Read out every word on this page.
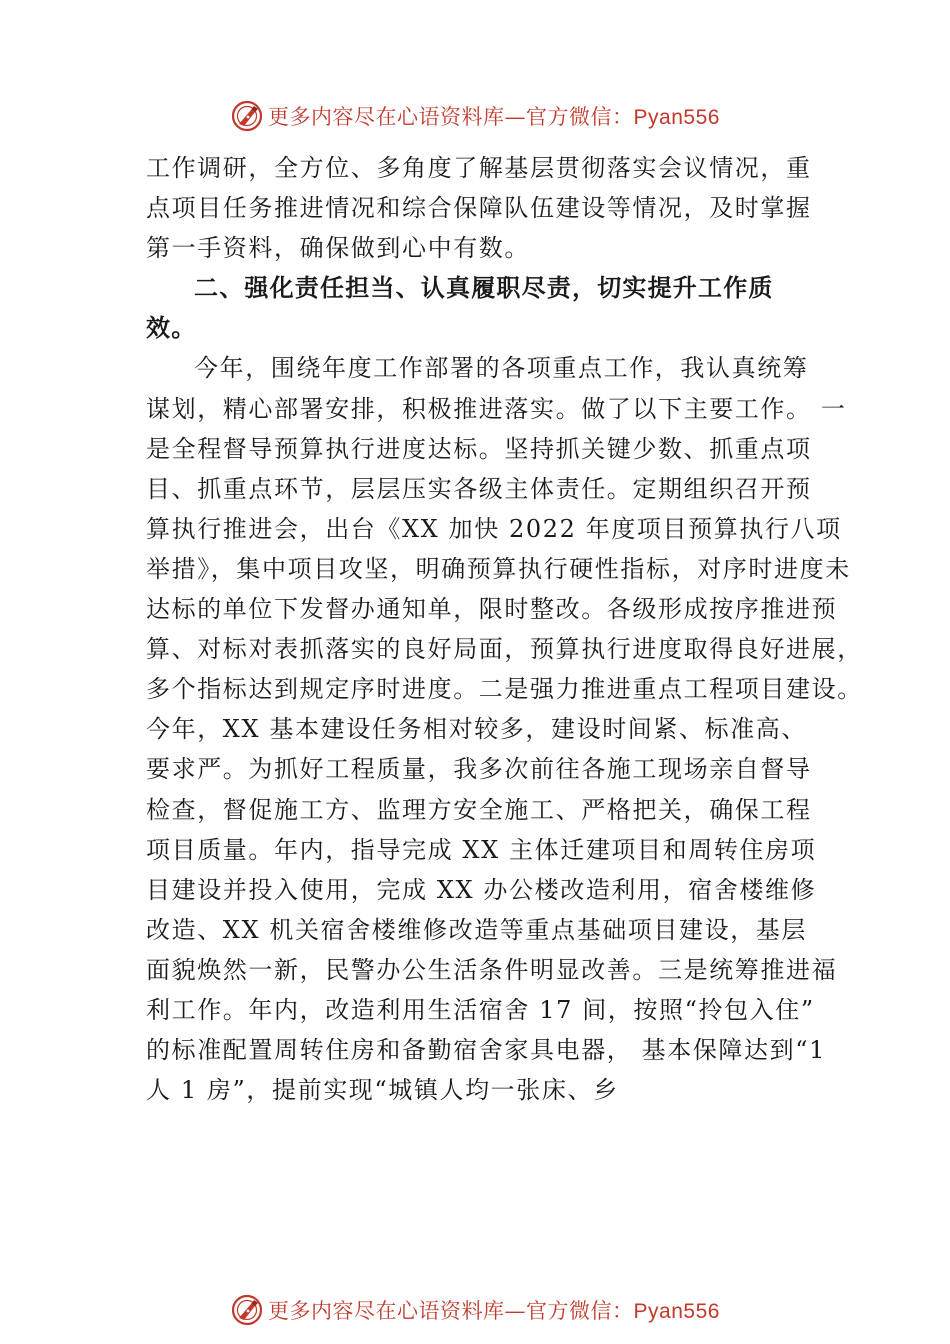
更多内容尽在心语资料库—官方微信：Pyan556

工作调研，全方位、多角度了解基层贯彻落实会议情况，重

点项目任务推进情况和综合保障队伍建设等情况，及时掌握

第一手资料，确保做到心中有数。

二、强化责任担当、认真履职尽责，切实提升工作质

效。

今年，围绕年度工作部署的各项重点工作，我认真统筹

谋划，精心部署安排，积极推进落实。做了以下主要工作。 一

是全程督导预算执行进度达标。坚持抓关键少数、抓重点项

目、抓重点环节，层层压实各级主体责任。定期组织召开预

算执行推进会，出台《XX 加快 2022 年度项目预算执行八项

举措》，集中项目攻坚，明确预算执行硬性指标，对序时进度未

达标的单位下发督办通知单，限时整改。各级形成按序推进预

算、对标对表抓落实的良好局面，预算执行进度取得良好进展，

多个指标达到规定序时进度。二是强力推进重点工程项目建设。

今年，XX 基本建设任务相对较多，建设时间紧、标准高、

要求严。为抓好工程质量，我多次前往各施工现场亲自督导

检查，督促施工方、监理方安全施工、严格把关，确保工程

项目质量。年内，指导完成 XX 主体迁建项目和周转住房项

目建设并投入使用，完成 XX 办公楼改造利用，宿舍楼维修

改造、XX 机关宿舍楼维修改造等重点基础项目建设，基层

面貌焕然一新，民警办公生活条件明显改善。三是统筹推进福

利工作。年内，改造利用生活宿舍 17 间，按照“拎包入住”

的标准配置周转住房和备勤宿舍家具电器， 基本保障达到“1

人 1 房”，提前实现“城镇人均一张床、乡

更多内容尽在心语资料库—官方微信：Pyan556
